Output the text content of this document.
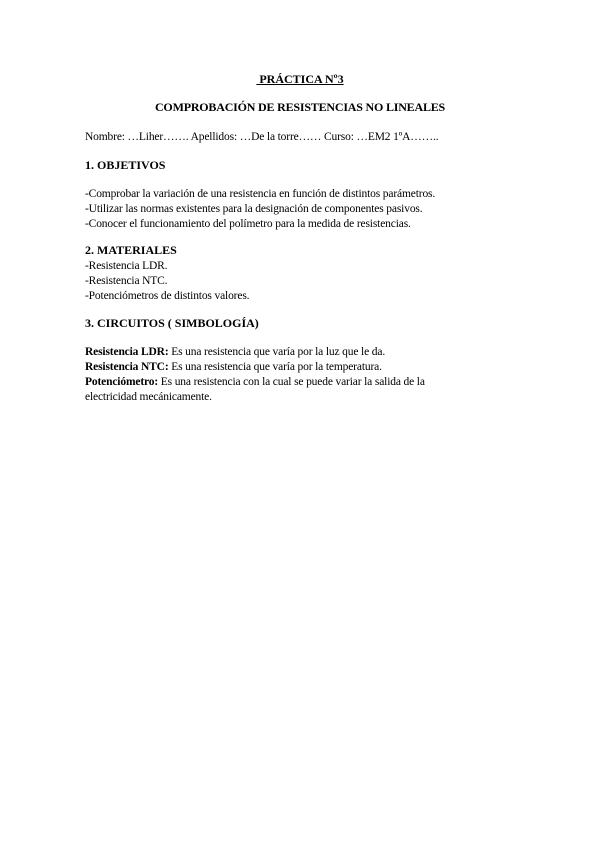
PRÁCTICA Nº3
COMPROBACIÓN DE RESISTENCIAS NO LINEALES
Nombre: …Liher……. Apellidos: …De la torre…… Curso: …EM2 1ºA……..
1. OBJETIVOS
-Comprobar la variación de una resistencia en función de distintos parámetros.
-Utilizar las normas existentes para la designación de componentes pasivos.
-Conocer el funcionamiento del polímetro para la medida de resistencias.
2. MATERIALES
-Resistencia LDR.
-Resistencia NTC.
-Potenciómetros de distintos valores.
3. CIRCUITOS ( SIMBOLOGÍA)
Resistencia LDR: Es una resistencia que varía por la luz que le da.
Resistencia NTC: Es una resistencia que varía por la temperatura.
Potenciómetro: Es una resistencia con la cual se puede variar la salida de la
electricidad mecánicamente.
